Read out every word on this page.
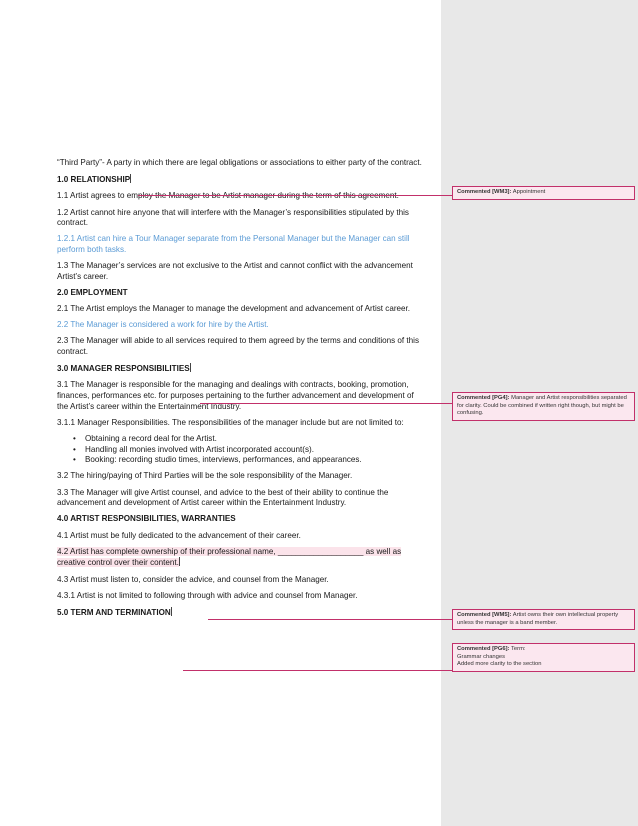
“Third Party”- A party in which there are legal obligations or associations to either party of the contract.

1.0 RELATIONSHIP

1.1 Artist agrees to employ the Manager to be Artist manager during the term of this agreement.

1.2 Artist cannot hire anyone that will interfere with the Manager’s responsibilities stipulated by this contract.

1.2.1 Artist can hire a Tour Manager separate from the Personal Manager but the Manager can still perform both tasks.

1.3 The Manager’s services are not exclusive to the Artist and cannot conflict with the advancement Artist’s career.

2.0 EMPLOYMENT

2.1 The Artist employs the Manager to manage the development and advancement of Artist career.

2.2 The Manager is considered a work for hire by the Artist.

2.3 The Manager will abide to all services required to them agreed by the terms and conditions of this contract.

3.0 MANAGER RESPONSIBILITIES

3.1 The Manager is responsible for the managing and dealings with contracts, booking, promotion, finances, performances etc. for purposes pertaining to the further advancement and development of the Artist’s career within the Entertainment Industry.

3.1.1 Manager Responsibilities. The responsibilities of the manager include but are not limited to:

• Obtaining a record deal for the Artist.
• Handling all monies involved with Artist incorporated account(s).
• Booking: recording studio times, interviews, performances, and appearances.

3.2 The hiring/paying of Third Parties will be the sole responsibility of the Manager.

3.3 The Manager will give Artist counsel, and advice to the best of their ability to continue the advancement and development of Artist career within the Entertainment Industry.

4.0 ARTIST RESPONSIBILITIES, WARRANTIES

4.1 Artist must be fully dedicated to the advancement of their career.

4.2 Artist has complete ownership of their professional name, ___________________ as well as creative control over their content.

4.3 Artist must listen to, consider the advice, and counsel from the Manager.

4.3.1 Artist is not limited to following through with advice and counsel from Manager.

5.0 TERM AND TERMINATION

Commented [WM3]: Appointment
Commented [PG4]: Manager and Artist responsibilities separated for clarity. Could be combined if written right though, but might be confusing.
Commented [WM5]: Artist owns their own intellectual property unless the manager is a band member.
Commented [PG6]: Term:
Grammar changes
Added more clarity to the section
